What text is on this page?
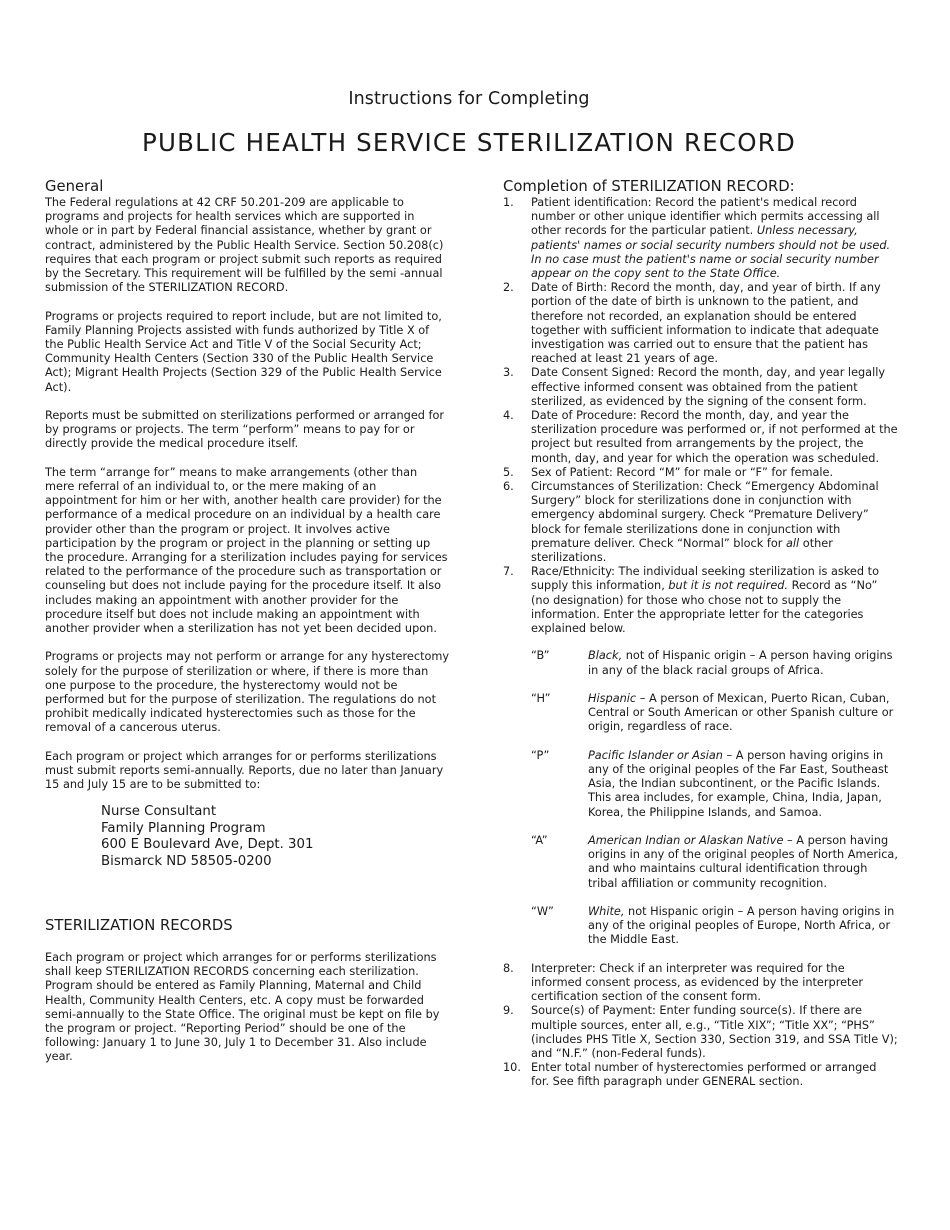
Instructions for Completing
PUBLIC HEALTH SERVICE STERILIZATION RECORD
General

The Federal regulations at 42 CRF 50.201-209 are applicable to programs and projects for health services which are supported in whole or in part by Federal financial assistance, whether by grant or contract, administered by the Public Health Service. Section 50.208(c) requires that each program or project submit such reports as required by the Secretary. This requirement will be fulfilled by the semi -annual submission of the STERILIZATION RECORD.

Programs or projects required to report include, but are not limited to, Family Planning Projects assisted with funds authorized by Title X of the Public Health Service Act and Title V of the Social Security Act; Community Health Centers (Section 330 of the Public Health Service Act); Migrant Health Projects (Section 329 of the Public Health Service Act).

Reports must be submitted on sterilizations performed or arranged for by programs or projects. The term “perform” means to pay for or directly provide the medical procedure itself.

The term “arrange for” means to make arrangements (other than mere referral of an individual to, or the mere making of an appointment for him or her with, another health care provider) for the performance of a medical procedure on an individual by a health care provider other than the program or project. It involves active participation by the program or project in the planning or setting up the procedure. Arranging for a sterilization includes paying for services related to the performance of the procedure such as transportation or counseling but does not include paying for the procedure itself. It also includes making an appointment with another provider for the procedure itself but does not include making an appointment with another provider when a sterilization has not yet been decided upon.

Programs or projects may not perform or arrange for any hysterectomy solely for the purpose of sterilization or where, if there is more than one purpose to the procedure, the hysterectomy would not be performed but for the purpose of sterilization. The regulations do not prohibit medically indicated hysterectomies such as those for the removal of a cancerous uterus.

Each program or project which arranges for or performs sterilizations must submit reports semi-annually. Reports, due no later than January 15 and July 15 are to be submitted to:

Nurse Consultant
Family Planning Program
600 E Boulevard Ave, Dept. 301
Bismarck ND 58505-0200
STERILIZATION RECORDS

Each program or project which arranges for or performs sterilizations shall keep STERILIZATION RECORDS concerning each sterilization. Program should be entered as Family Planning, Maternal and Child Health, Community Health Centers, etc. A copy must be forwarded semi-annually to the State Office. The original must be kept on file by the program or project. “Reporting Period” should be one of the following: January 1 to June 30, July 1 to December 31. Also include year.

Completion of STERILIZATION RECORD:
1. Patient identification: Record the patient's medical record number or other unique identifier which permits accessing all other records for the particular patient. Unless necessary, patients' names or social security numbers should not be used. In no case must the patient's name or social security number appear on the copy sent to the State Office.
2. Date of Birth: Record the month, day, and year of birth. If any portion of the date of birth is unknown to the patient, and therefore not recorded, an explanation should be entered together with sufficient information to indicate that adequate investigation was carried out to ensure that the patient has reached at least 21 years of age.
3. Date Consent Signed: Record the month, day, and year legally effective informed consent was obtained from the patient sterilized, as evidenced by the signing of the consent form.
4. Date of Procedure: Record the month, day, and year the sterilization procedure was performed or, if not performed at the project but resulted from arrangements by the project, the month, day, and year for which the operation was scheduled.
5. Sex of Patient: Record “M” for male or “F” for female.
6. Circumstances of Sterilization: Check “Emergency Abdominal Surgery” block for sterilizations done in conjunction with emergency abdominal surgery. Check “Premature Delivery” block for female sterilizations done in conjunction with premature deliver. Check “Normal” block for all other sterilizations.
7. Race/Ethnicity: The individual seeking sterilization is asked to supply this information, but it is not required. Record as “No” (no designation) for those who chose not to supply the information. Enter the appropriate letter for the categories explained below.
“B”	Black, not of Hispanic origin – A person having origins in any of the black racial groups of Africa.
“H”	Hispanic – A person of Mexican, Puerto Rican, Cuban, Central or South American or other Spanish culture or origin, regardless of race.
“P”	Pacific Islander or Asian – A person having origins in any of the original peoples of the Far East, Southeast Asia, the Indian subcontinent, or the Pacific Islands. This area includes, for example, China, India, Japan, Korea, the Philippine Islands, and Samoa.
“A”	American Indian or Alaskan Native – A person having origins in any of the original peoples of North America, and who maintains cultural identification through tribal affiliation or community recognition.
“W”	White, not Hispanic origin – A person having origins in any of the original peoples of Europe, North Africa, or the Middle East.
8. Interpreter: Check if an interpreter was required for the informed consent process, as evidenced by the interpreter certification section of the consent form.
9. Source(s) of Payment: Enter funding source(s). If there are multiple sources, enter all, e.g., “Title XIX”; “Title XX”; “PHS” (includes PHS Title X, Section 330, Section 319, and SSA Title V); and “N.F.” (non-Federal funds).
10. Enter total number of hysterectomies performed or arranged for. See fifth paragraph under GENERAL section.
